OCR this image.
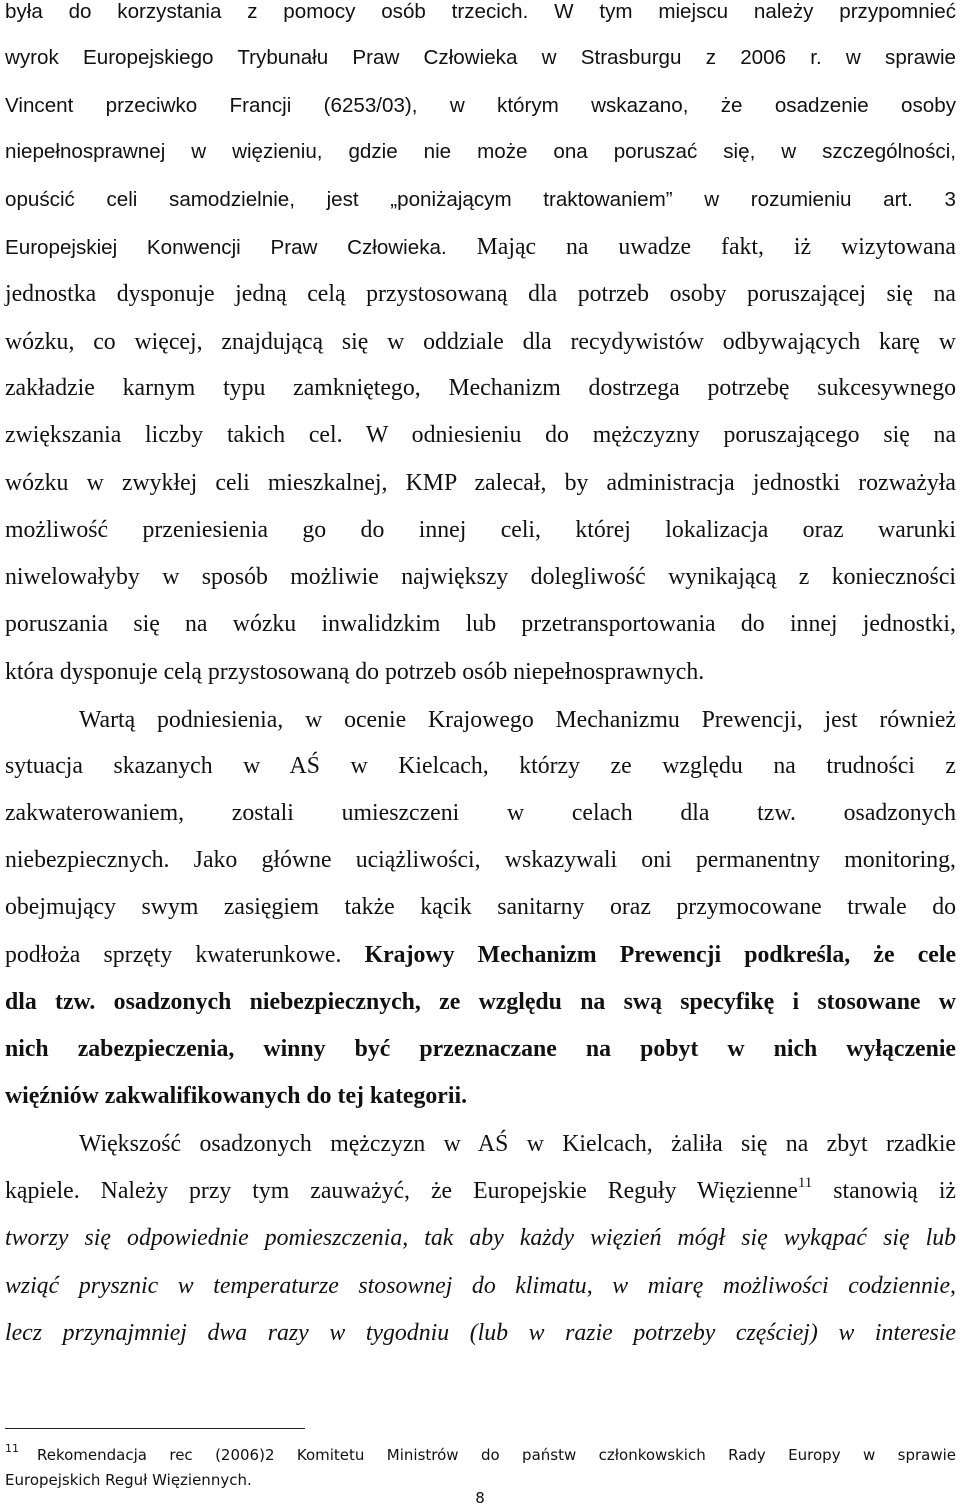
była do korzystania z pomocy osób trzecich. W tym miejscu należy przypomnieć
wyrok Europejskiego Trybunału Praw Człowieka w Strasburgu z 2006 r. w sprawie
Vincent przeciwko Francji (6253/03), w którym wskazano, że osadzenie osoby
niepełnosprawnej w więzieniu, gdzie nie może ona poruszać się, w szczególności,
opuścić celi samodzielnie, jest „poniżającym traktowaniem” w rozumieniu art. 3
Europejskiej Konwencji Praw Człowieka. Mając na uwadze fakt, iż wizytowana
jednostka dysponuje jedną celą przystosowaną dla potrzeb osoby poruszającej się na
wózku, co więcej, znajdującą się w oddziale dla recydywistów odbywających karę w
zakładzie karnym typu zamkniętego, Mechanizm dostrzega potrzebę sukcesywnego
zwiększania liczby takich cel. W odniesieniu do mężczyzny poruszającego się na
wózku w zwykłej celi mieszkalnej, KMP zalecał, by administracja jednostki rozważyła
możliwość przeniesienia go do innej celi, której lokalizacja oraz warunki
niwelowałyby w sposób możliwie największy dolegliwość wynikającą z konieczności
poruszania się na wózku inwalidzkim lub przetransportowania do innej jednostki,
która dysponuje celą przystosowaną do potrzeb osób niepełnosprawnych.
Wartą podniesienia, w ocenie Krajowego Mechanizmu Prewencji, jest również
sytuacja skazanych w AŚ w Kielcach, którzy ze względu na trudności z
zakwaterowaniem, zostali umieszczeni w celach dla tzw. osadzonych
niebezpiecznych. Jako główne uciążliwości, wskazywali oni permanentny monitoring,
obejmujący swym zasięgiem także kącik sanitarny oraz przymocowane trwale do
podłoża sprzęty kwaterunkowe. Krajowy Mechanizm Prewencji podkreśla, że cele
dla tzw. osadzonych niebezpiecznych, ze względu na swą specyfikę i stosowane w
nich zabezpieczenia, winny być przeznaczane na pobyt w nich wyłączenie
więźniów zakwalifikowanych do tej kategorii.
Większość osadzonych mężczyzn w AŚ w Kielcach, żaliła się na zbyt rzadkie
kąpiele. Należy przy tym zauważyć, że Europejskie Reguły Więzienne$^{11}$ stanowią iż
tworzy się odpowiednie pomieszczenia, tak aby każdy więzień mógł się wykąpać się lub
wziąć prysznic w temperaturze stosownej do klimatu, w miarę możliwości codziennie,
lecz przynajmniej dwa razy w tygodniu (lub w razie potrzeby częściej) w interesie
$^{11}$ Rekomendacja rec (2006)2 Komitetu Ministrów do państw członkowskich Rady Europy w sprawie
Europejskich Reguł Więziennych.
8
